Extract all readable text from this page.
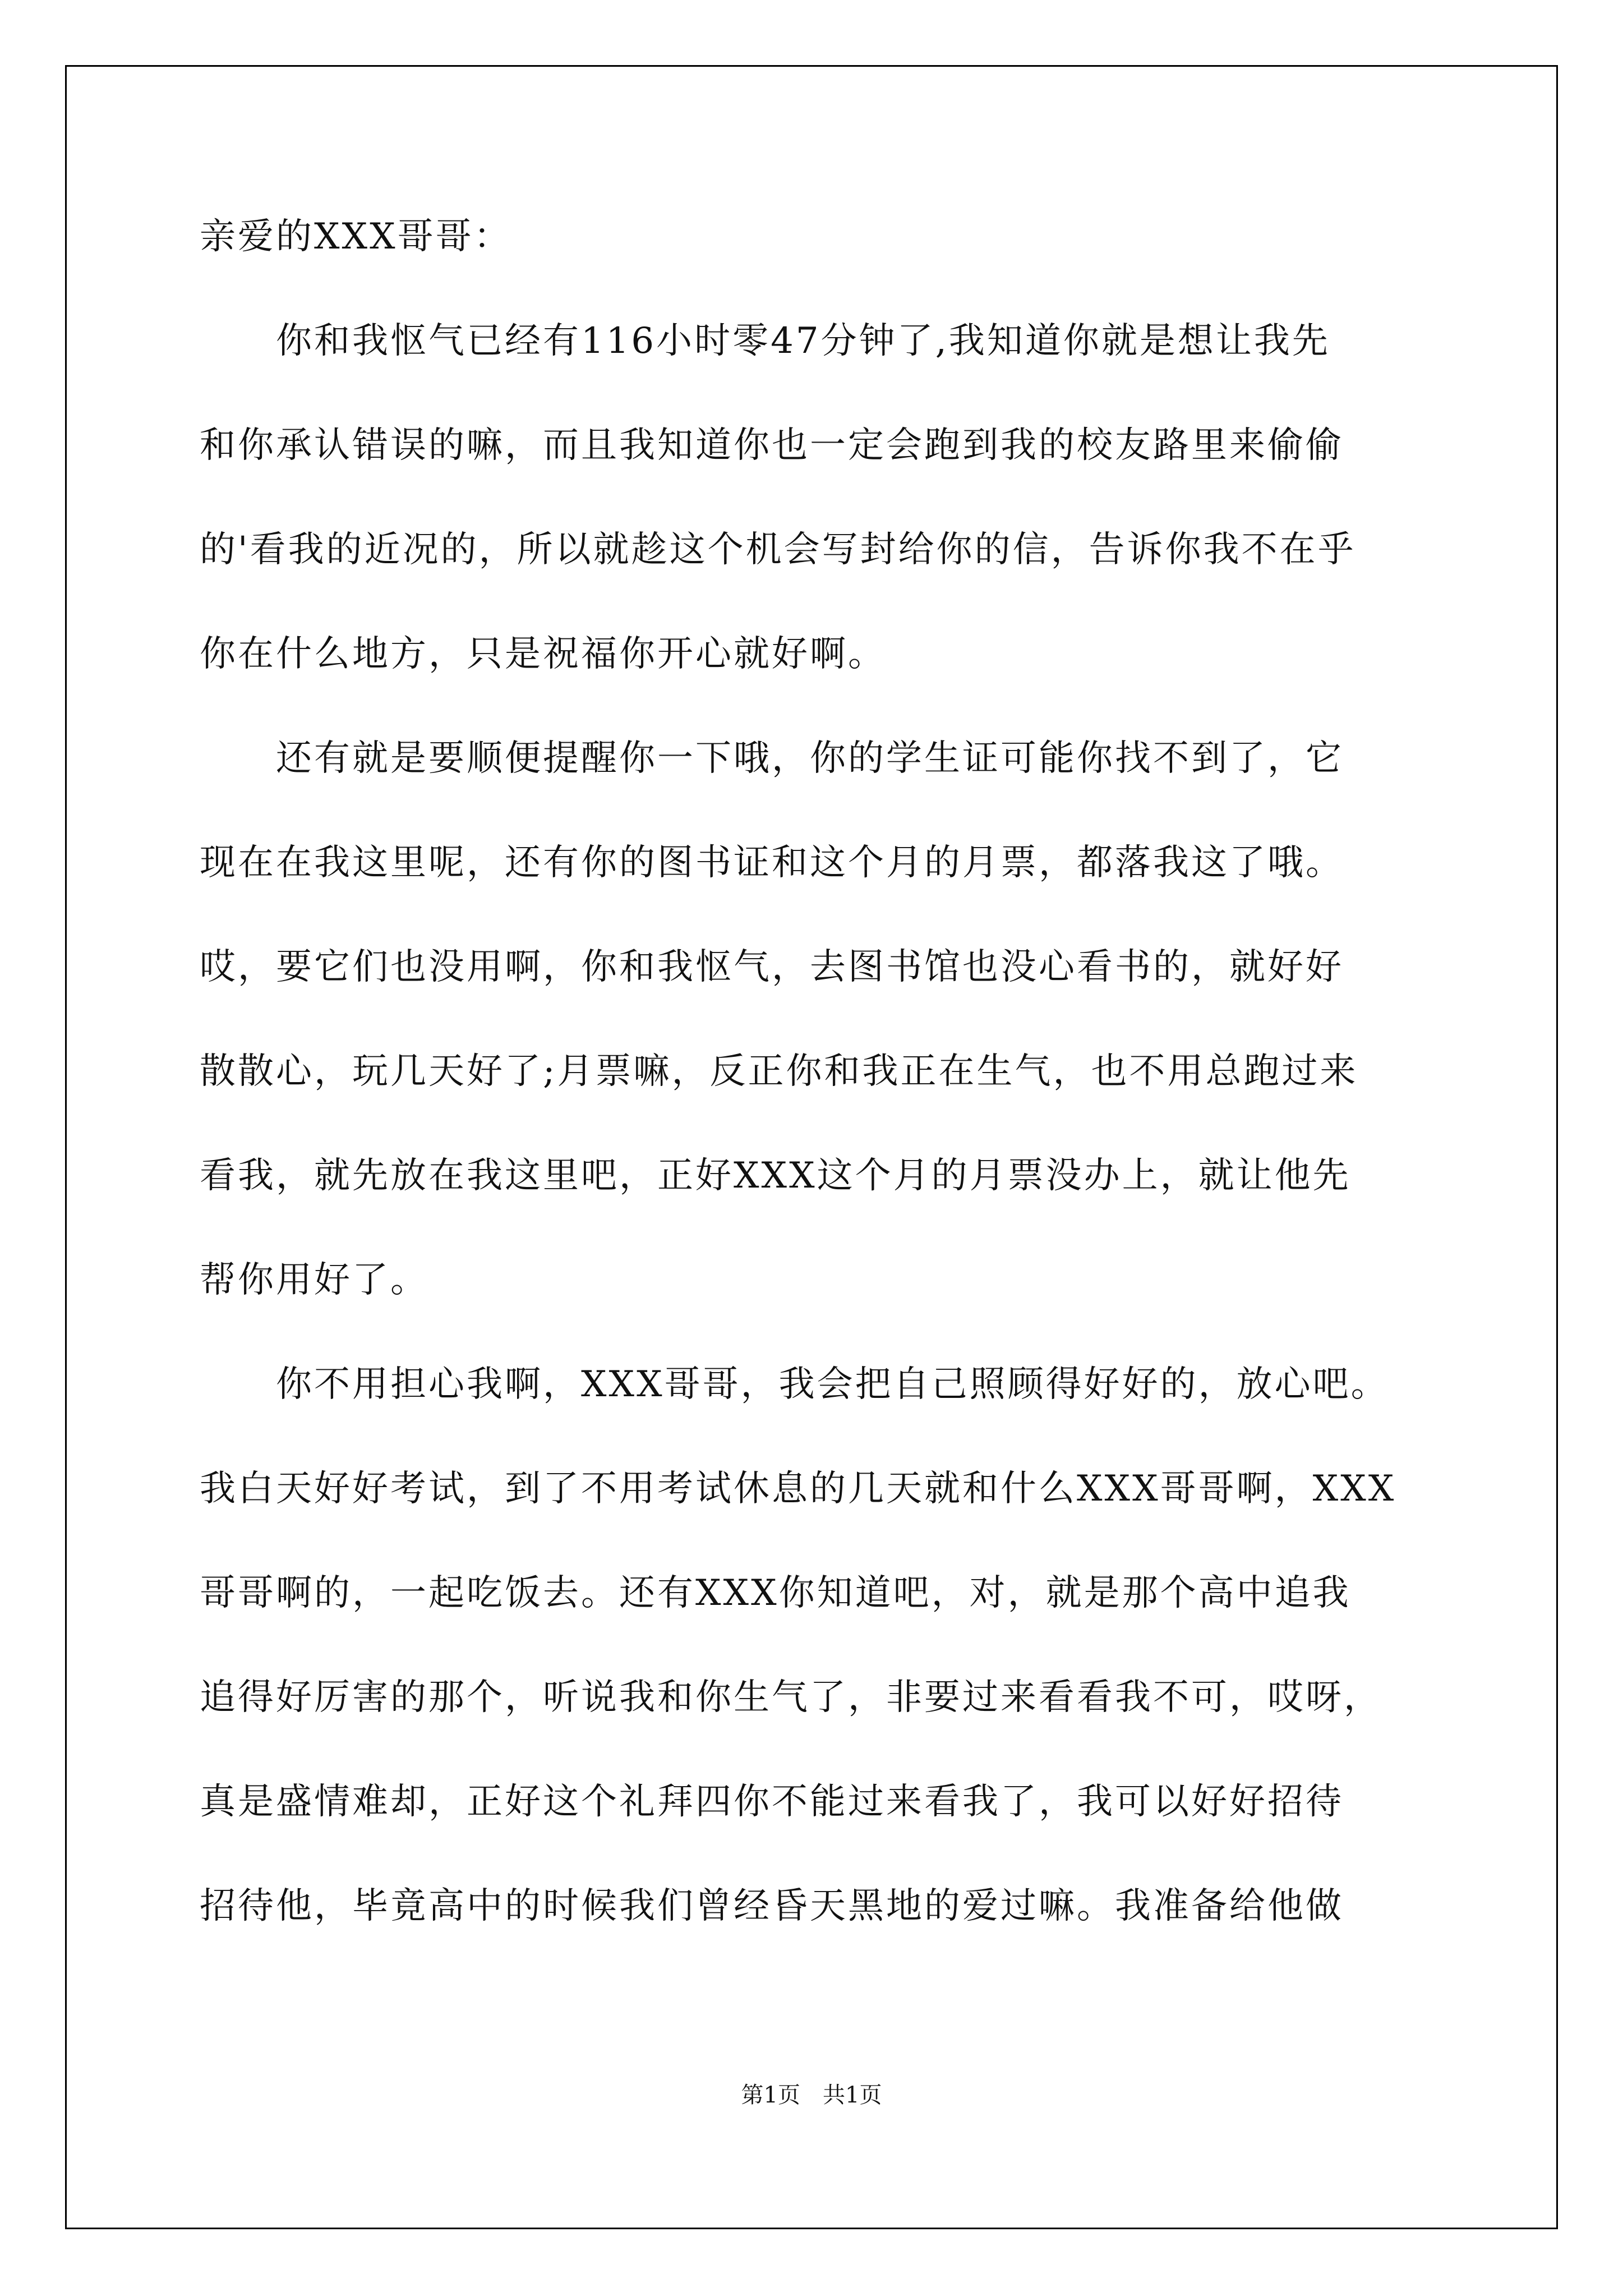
亲爱的XXX哥哥：
　　你和我怄气已经有116小时零47分钟了,我知道你就是想让我先
和你承认错误的嘛，而且我知道你也一定会跑到我的校友路里来偷偷
的'看我的近况的，所以就趁这个机会写封给你的信，告诉你我不在乎
你在什么地方，只是祝福你开心就好啊。
　　还有就是要顺便提醒你一下哦，你的学生证可能你找不到了，它
现在在我这里呢，还有你的图书证和这个月的月票，都落我这了哦。
哎，要它们也没用啊，你和我怄气，去图书馆也没心看书的，就好好
散散心，玩几天好了;月票嘛，反正你和我正在生气，也不用总跑过来
看我，就先放在我这里吧，正好XXX这个月的月票没办上，就让他先
帮你用好了。
　　你不用担心我啊，XXX哥哥，我会把自己照顾得好好的，放心吧。
我白天好好考试，到了不用考试休息的几天就和什么XXX哥哥啊，XXX
哥哥啊的，一起吃饭去。还有XXX你知道吧，对，就是那个高中追我
追得好厉害的那个，听说我和你生气了，非要过来看看我不可，哎呀，
真是盛情难却，正好这个礼拜四你不能过来看我了，我可以好好招待
招待他，毕竟高中的时候我们曾经昏天黑地的爱过嘛。我准备给他做
第1页　共1页
